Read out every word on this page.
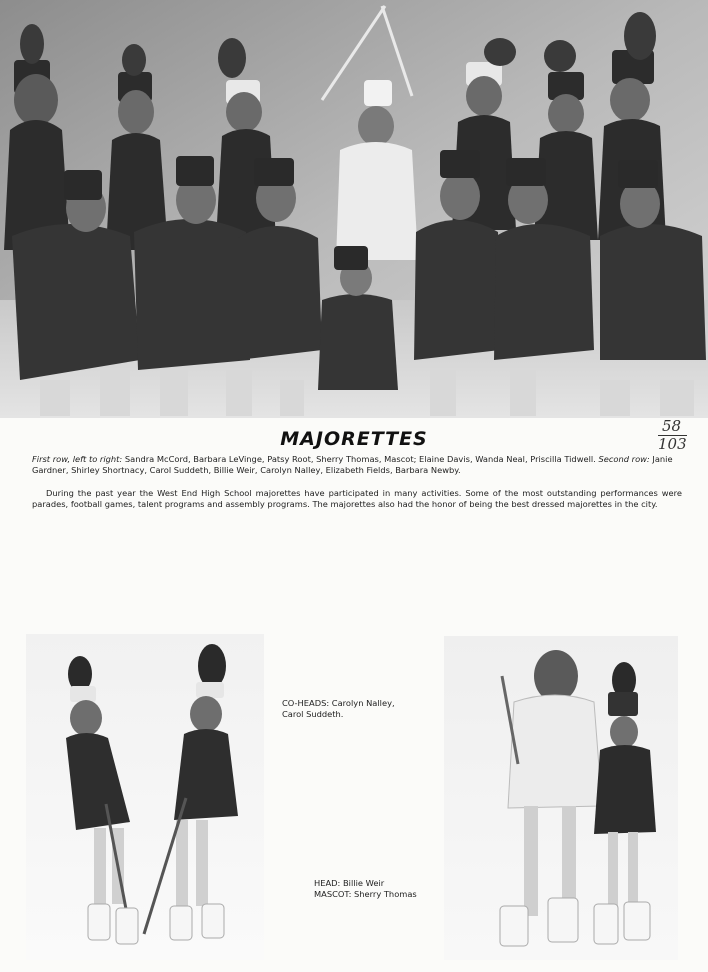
MAJORETTES
58
103
First row, left to right: Sandra McCord, Barbara LeVinge, Patsy Root, Sherry Thomas, Mascot; Elaine Davis, Wanda Neal, Priscilla Tidwell. Second row: Janie Gardner, Shirley Shortnacy, Carol Suddeth, Billie Weir, Carolyn Nalley, Elizabeth Fields, Barbara Newby.
During the past year the West End High School majorettes have participated in many activities. Some of the most outstanding performances were parades, football games, talent programs and assembly programs. The majorettes also had the honor of being the best dressed majorettes in the city.
CO-HEADS: Carolyn Nalley,
Carol Suddeth.
HEAD: Billie Weir
MASCOT: Sherry Thomas
